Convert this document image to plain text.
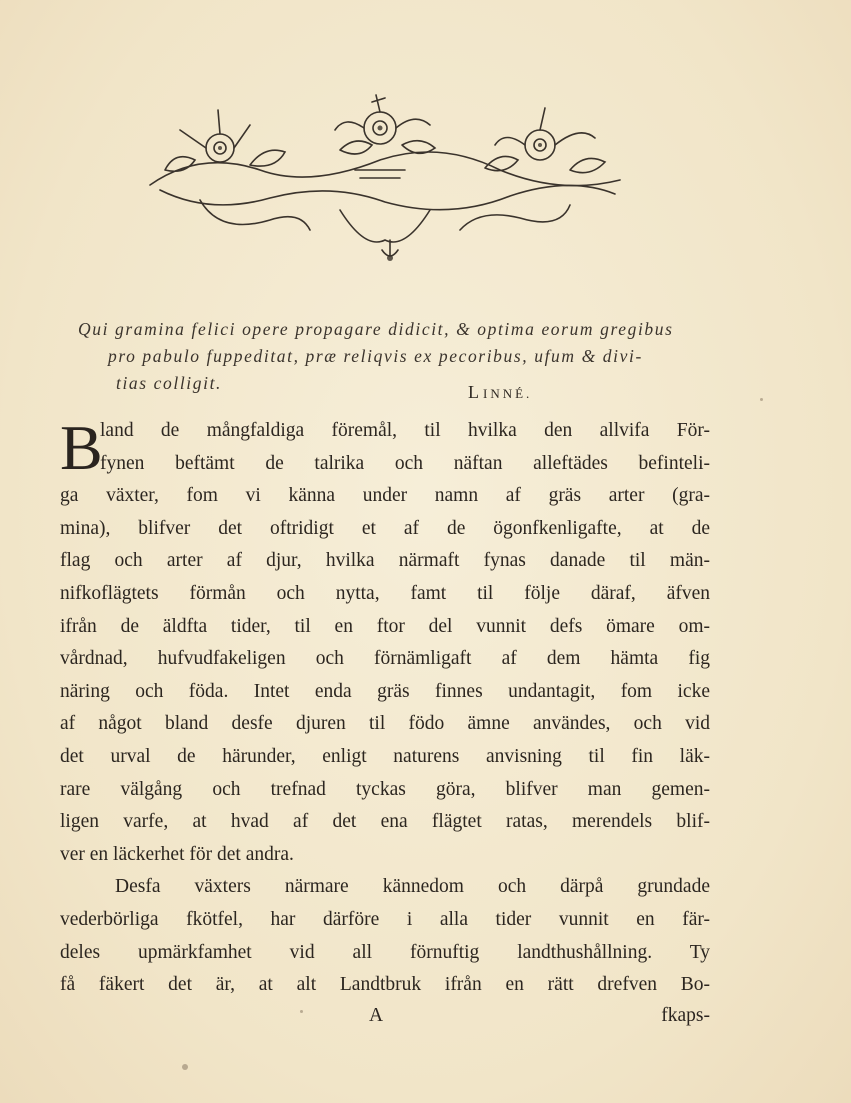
Qui gramina felici opere propagare didicit, & optima eorum gregibus
pro pabulo fuppeditat, præ reliqvis ex pecoribus, ufum & divi-
tias colligit.	LINNÉ.
B
land de mångfaldiga föremål, til hvilka den allvifa För-
fynen beftämt de talrika och näftan alleftädes befinteli-
ga växter, fom vi känna under namn af gräs arter (gra-
mina), blifver det oftridigt et af de ögonfkenligafte, at de
flag och arter af djur, hvilka närmaft fynas danade til män-
nifkoflägtets förmån och nytta, famt til följe däraf, äfven
ifrån de äldfta tider, til en ftor del vunnit defs ömare om-
vårdnad, hufvudfakeligen och förnämligaft af dem hämta fig
näring och föda. Intet enda gräs finnes undantagit, fom icke
af något bland desfe djuren til födo ämne användes, och vid
det urval de härunder, enligt naturens anvisning til fin läk-
rare välgång och trefnad tyckas göra, blifver man gemen-
ligen varfe, at hvad af det ena flägtet ratas, merendels blif-
ver en läckerhet för det andra.
Desfa växters närmare kännedom och därpå grundade
vederbörliga fkötfel, har därföre i alla tider vunnit en fär-
deles upmärkfamhet vid all förnuftig landthushållning. Ty
få fäkert det är, at alt Landtbruk ifrån en rätt drefven Bo-
A	fkaps-
